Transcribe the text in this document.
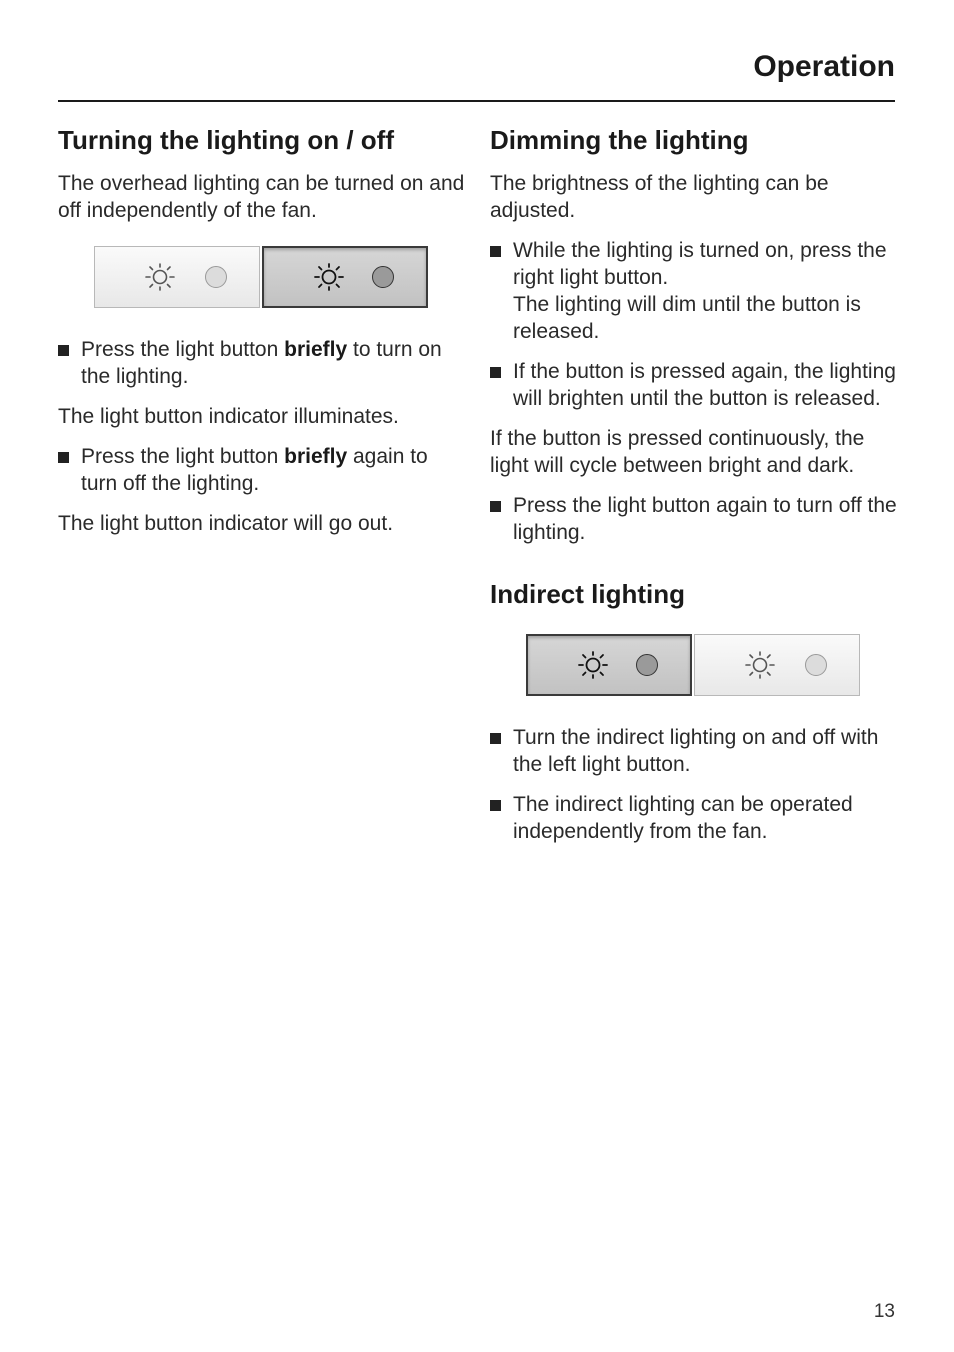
Operation
Turning the lighting on / off

The overhead lighting can be turned on and off independently of the fan.

Press the light button briefly to turn on the lighting.

The light button indicator illuminates.

Press the light button briefly again to turn off the lighting.

The light button indicator will go out.

Dimming the lighting

The brightness of the lighting can be adjusted.

While the lighting is turned on, press the right light button.
The lighting will dim until the button is released.
If the button is pressed again, the lighting will brighten until the button is released.

If the button is pressed continuously, the light will cycle between bright and dark.

Press the light button again to turn off the lighting.
Indirect lighting
Turn the indirect lighting on and off with the left light button.
The indirect lighting can be operated independently from the fan.
13
